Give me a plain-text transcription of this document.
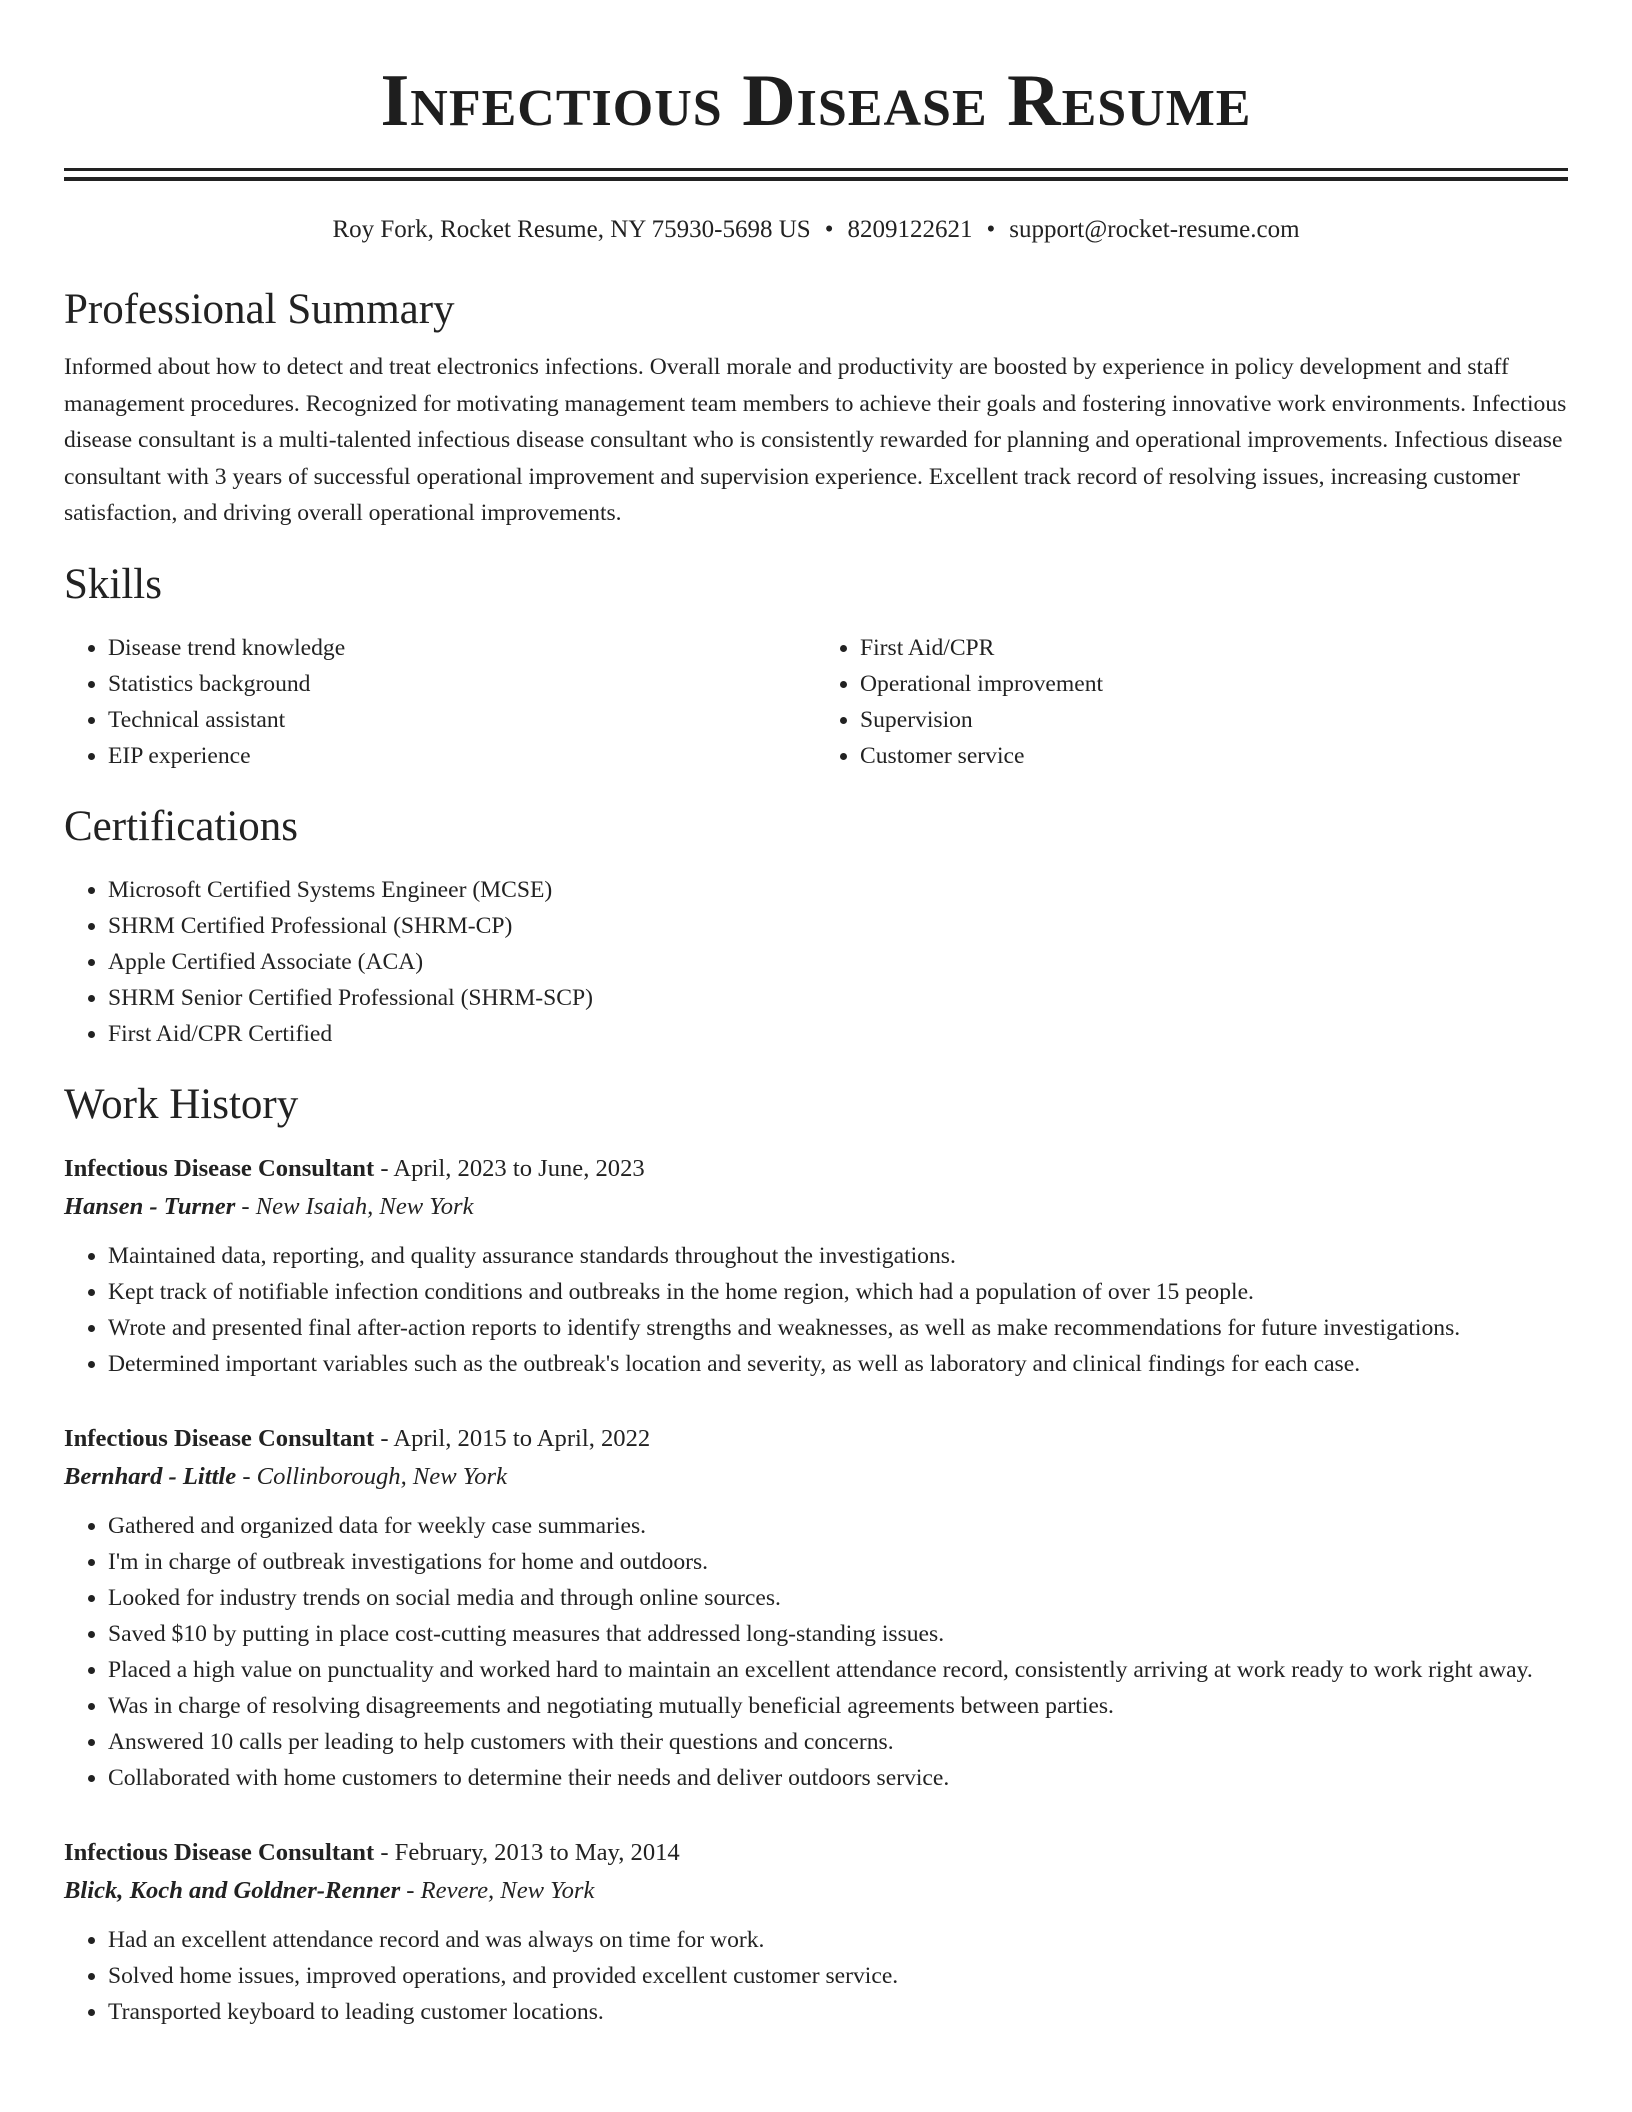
Infectious Disease Resume
Roy Fork, Rocket Resume, NY 75930-5698 US • 8209122621 • support@rocket-resume.com
Professional Summary

Informed about how to detect and treat electronics infections. Overall morale and productivity are boosted by experience in policy development and staff management procedures. Recognized for motivating management team members to achieve their goals and fostering innovative work environments. Infectious disease consultant is a multi-talented infectious disease consultant who is consistently rewarded for planning and operational improvements. Infectious disease consultant with 3 years of successful operational improvement and supervision experience. Excellent track record of resolving issues, increasing customer satisfaction, and driving overall operational improvements.

Skills
• Disease trend knowledge
• Statistics background
• Technical assistant
• EIP experience
• First Aid/CPR
• Operational improvement
• Supervision
• Customer service
Certifications
• Microsoft Certified Systems Engineer (MCSE)
• SHRM Certified Professional (SHRM-CP)
• Apple Certified Associate (ACA)
• SHRM Senior Certified Professional (SHRM-SCP)
• First Aid/CPR Certified
Work History
Infectious Disease Consultant - April, 2023 to June, 2023
Hansen - Turner - New Isaiah, New York
• Maintained data, reporting, and quality assurance standards throughout the investigations.
• Kept track of notifiable infection conditions and outbreaks in the home region, which had a population of over 15 people.
• Wrote and presented final after-action reports to identify strengths and weaknesses, as well as make recommendations for future investigations.
• Determined important variables such as the outbreak's location and severity, as well as laboratory and clinical findings for each case.
Infectious Disease Consultant - April, 2015 to April, 2022
Bernhard - Little - Collinborough, New York
• Gathered and organized data for weekly case summaries.
• I'm in charge of outbreak investigations for home and outdoors.
• Looked for industry trends on social media and through online sources.
• Saved $10 by putting in place cost-cutting measures that addressed long-standing issues.
• Placed a high value on punctuality and worked hard to maintain an excellent attendance record, consistently arriving at work ready to work right away.
• Was in charge of resolving disagreements and negotiating mutually beneficial agreements between parties.
• Answered 10 calls per leading to help customers with their questions and concerns.
• Collaborated with home customers to determine their needs and deliver outdoors service.
Infectious Disease Consultant - February, 2013 to May, 2014
Blick, Koch and Goldner-Renner - Revere, New York
• Had an excellent attendance record and was always on time for work.
• Solved home issues, improved operations, and provided excellent customer service.
• Transported keyboard to leading customer locations.
